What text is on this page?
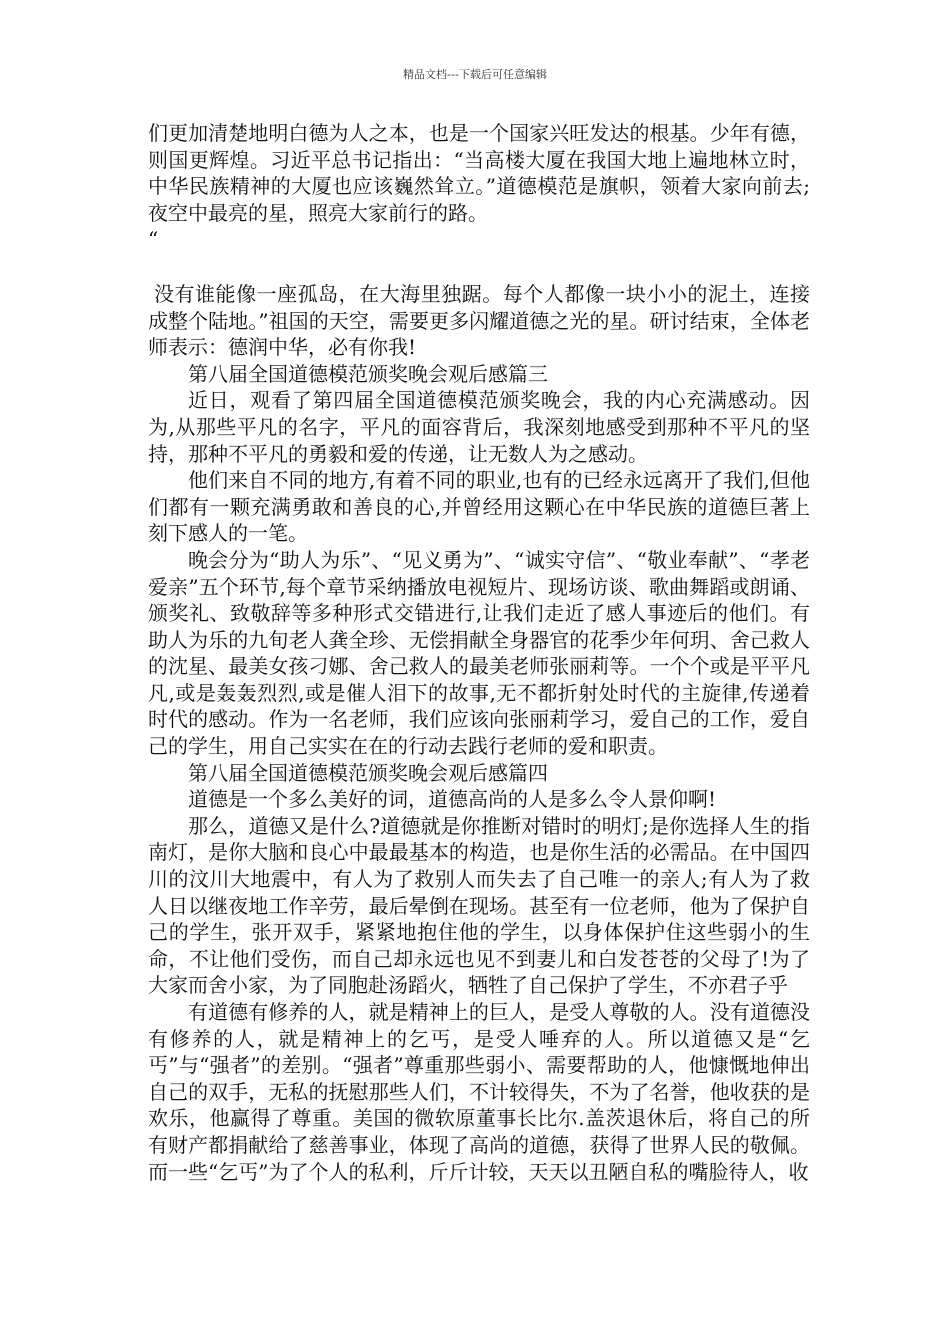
精品文档---下载后可任意编辑

们更加清楚地明白德为人之本，也是一个国家兴旺发达的根基。少年有德，则国更辉煌。习近平总书记指出：“当高楼大厦在我国大地上遍地林立时，中华民族精神的大厦也应该巍然耸立。”道德模范是旗帜，领着大家向前去;夜空中最亮的星，照亮大家前行的路。

“

没有谁能像一座孤岛，在大海里独踞。每个人都像一块小小的泥土，连接成整个陆地。”祖国的天空，需要更多闪耀道德之光的星。研讨结束，全体老师表示：德润中华，必有你我!

第八届全国道德模范颁奖晚会观后感篇三

近日，观看了第四届全国道德模范颁奖晚会，我的内心充满感动。因为,从那些平凡的名字，平凡的面容背后，我深刻地感受到那种不平凡的坚持，那种不平凡的勇毅和爱的传递，让无数人为之感动。

他们来自不同的地方,有着不同的职业,也有的已经永远离开了我们,但他们都有一颗充满勇敢和善良的心,并曾经用这颗心在中华民族的道德巨著上刻下感人的一笔。

晚会分为“助人为乐”、“见义勇为”、“诚实守信”、“敬业奉献”、“孝老爱亲”五个环节,每个章节采纳播放电视短片、现场访谈、歌曲舞蹈或朗诵、颁奖礼、致敬辞等多种形式交错进行,让我们走近了感人事迹后的他们。有助人为乐的九旬老人龚全珍、无偿捐献全身器官的花季少年何玥、舍己救人的沈星、最美女孩刁娜、舍己救人的最美老师张丽莉等。一个个或是平平凡凡,或是轰轰烈烈,或是催人泪下的故事,无不都折射处时代的主旋律,传递着时代的感动。作为一名老师，我们应该向张丽莉学习，爱自己的工作，爱自己的学生，用自己实实在在的行动去践行老师的爱和职责。

第八届全国道德模范颁奖晚会观后感篇四

道德是一个多么美好的词，道德高尚的人是多么令人景仰啊!

那么，道德又是什么?道德就是你推断对错时的明灯;是你选择人生的指南灯，是你大脑和良心中最最基本的构造，也是你生活的必需品。在中国四川的汶川大地震中，有人为了救别人而失去了自己唯一的亲人;有人为了救人日以继夜地工作辛劳，最后晕倒在现场。甚至有一位老师，他为了保护自己的学生，张开双手，紧紧地抱住他的学生，以身体保护住这些弱小的生命，不让他们受伤，而自己却永远也见不到妻儿和白发苍苍的父母了!为了大家而舍小家，为了同胞赴汤蹈火，牺牲了自己保护了学生，不亦君子乎

有道德有修养的人，就是精神上的巨人，是受人尊敬的人。没有道德没有修养的人，就是精神上的乞丐，是受人唾弃的人。所以道德又是“乞丐”与“强者”的差别。“强者”尊重那些弱小、需要帮助的人，他慷慨地伸出自己的双手，无私的抚慰那些人们，不计较得失，不为了名誉，他收获的是欢乐，他赢得了尊重。美国的微软原董事长比尔.盖茨退休后，将自己的所有财产都捐献给了慈善事业，体现了高尚的道德，获得了世界人民的敬佩。而一些“乞丐”为了个人的私利，斤斤计较，天天以丑陋自私的嘴脸待人，收
